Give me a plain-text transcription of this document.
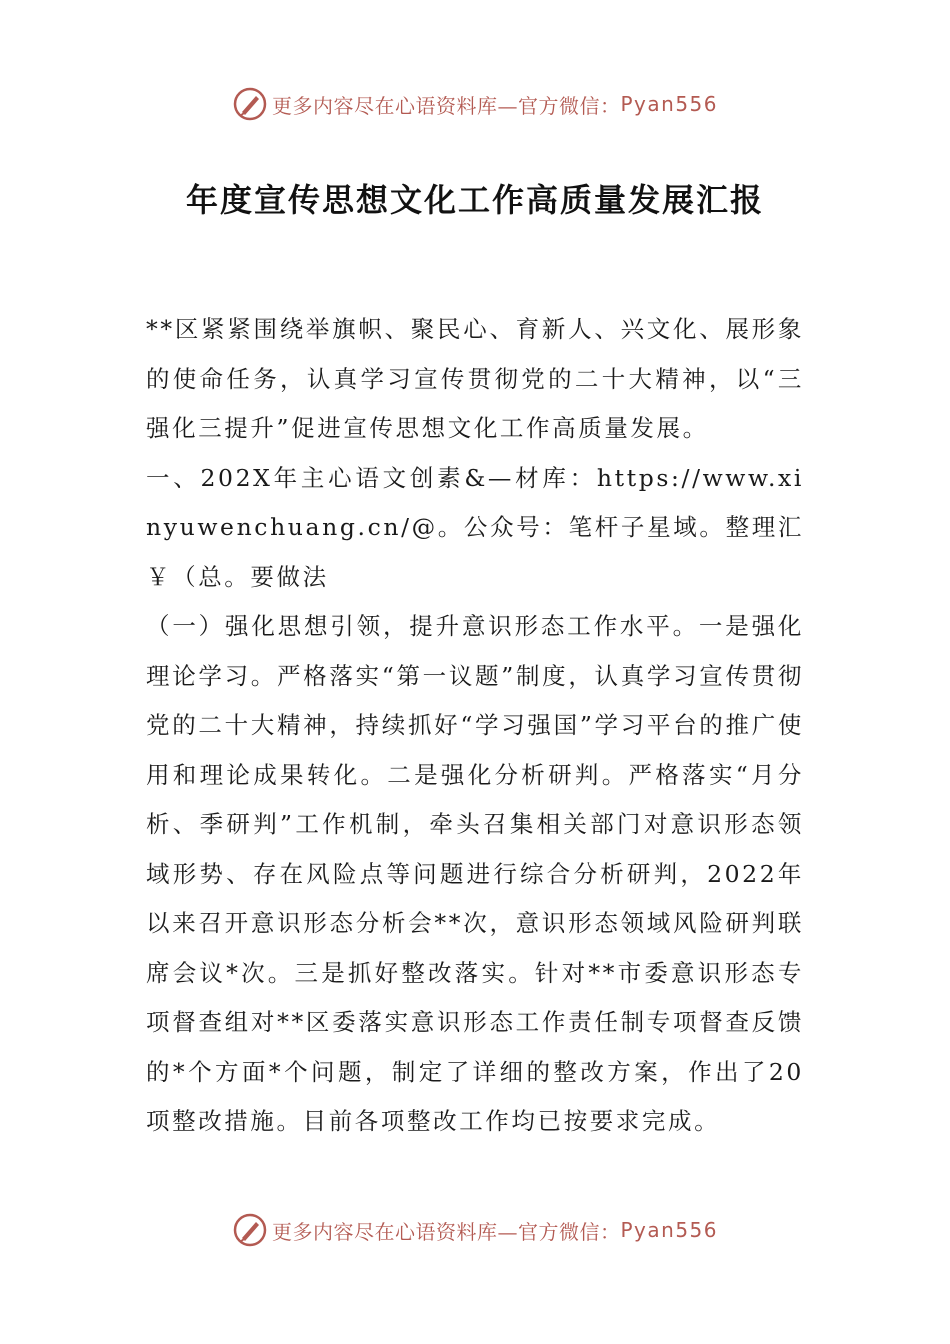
更多内容尽在心语资料库—官方微信： Pyan556
年度宣传思想文化工作高质量发展汇报

**区紧紧围绕举旗帜、聚民心、育新人、兴文化、展形象的使命任务，认真学习宣传贯彻党的二十大精神，以“三强化三提升”促进宣传思想文化工作高质量发展。

一、202X年主心语文创素&—材库：https://www.xinyuwenchuang.cn/@。公众号：笔杆子星域。整理汇￥（总。要做法

（一）强化思想引领，提升意识形态工作水平。一是强化理论学习。严格落实“第一议题”制度，认真学习宣传贯彻党的二十大精神，持续抓好“学习强国”学习平台的推广使用和理论成果转化。二是强化分析研判。严格落实“月分析、季研判”工作机制，牵头召集相关部门对意识形态领域形势、存在风险点等问题进行综合分析研判，2022年以来召开意识形态分析会**次，意识形态领域风险研判联席会议*次。三是抓好整改落实。针对**市委意识形态专项督查组对**区委落实意识形态工作责任制专项督查反馈的*个方面*个问题，制定了详细的整改方案，作出了20项整改措施。目前各项整改工作均已按要求完成。

更多内容尽在心语资料库—官方微信： Pyan556
